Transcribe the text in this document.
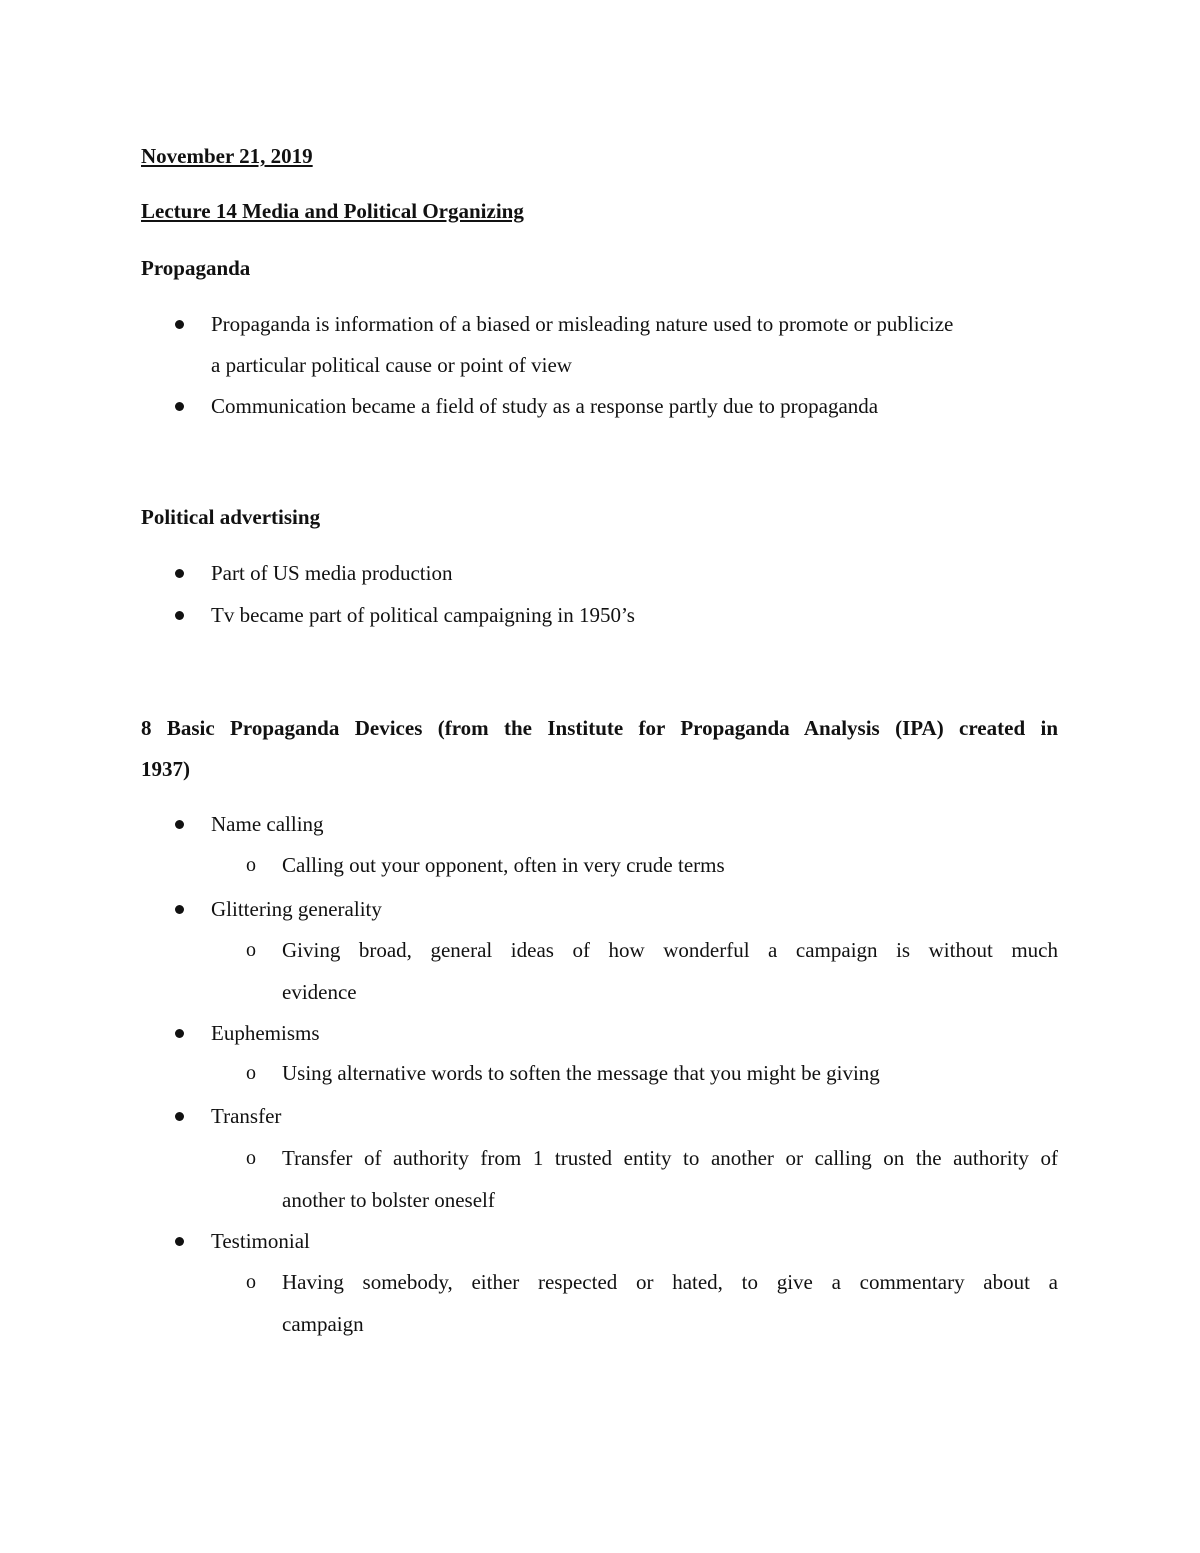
November 21, 2019
Lecture 14 Media and Political Organizing
Propaganda
Propaganda is information of a biased or misleading nature used to promote or publicize
a particular political cause or point of view
Communication became a field of study as a response partly due to propaganda
Political advertising
Part of US media production
Tv became part of political campaigning in 1950’s
8 Basic Propaganda Devices (from the Institute for Propaganda Analysis (IPA) created in
1937)
Name calling
o Calling out your opponent, often in very crude terms
Glittering generality
o Giving broad, general ideas of how wonderful a campaign is without much
evidence
Euphemisms
o Using alternative words to soften the message that you might be giving
Transfer
o Transfer of authority from 1 trusted entity to another or calling on the authority of
another to bolster oneself
Testimonial
o Having somebody, either respected or hated, to give a commentary about a
campaign
